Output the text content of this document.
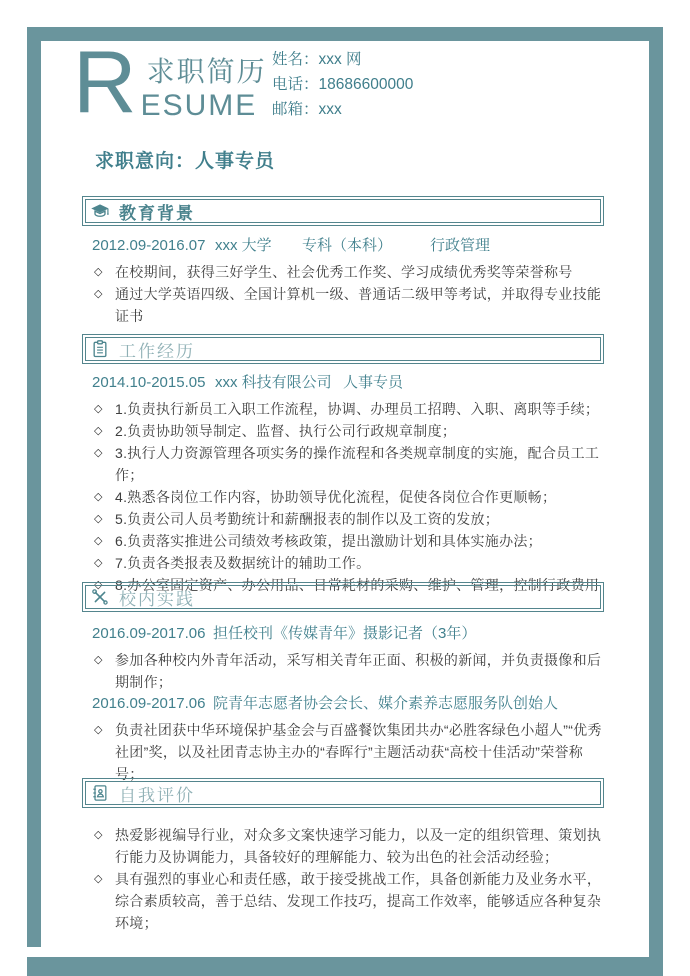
R 求职简历
ESUME
姓名：xxx 网
电话：18686600000
邮箱：xxx
求职意向：人事专员
教育背景
2012.09-2016.07 xxx 大学	专科（本科）	行政管理
◇ 在校期间，获得三好学生、社会优秀工作奖、学习成绩优秀奖等荣誉称号
◇ 通过大学英语四级、全国计算机一级、普通话二级甲等考试，并取得专业技能证书
工作经历
2014.10-2015.05 xxx 科技有限公司 人事专员
◇ 1.负责执行新员工入职工作流程，协调、办理员工招聘、入职、离职等手续；
◇ 2.负责协助领导制定、监督、执行公司行政规章制度；
◇ 3.执行人力资源管理各项实务的操作流程和各类规章制度的实施，配合员工工作；
◇ 4.熟悉各岗位工作内容，协助领导优化流程，促使各岗位合作更顺畅；
◇ 5.负责公司人员考勤统计和薪酬报表的制作以及工资的发放；
◇ 6.负责落实推进公司绩效考核政策，提出激励计划和具体实施办法；
◇ 7.负责各类报表及数据统计的辅助工作。
◇ 8.办公室固定资产、办公用品、日常耗材的采购、维护、管理，控制行政费用
校内实践
2016.09-2017.06 担任校刊《传媒青年》摄影记者（3年）
◇ 参加各种校内外青年活动，采写相关青年正面、积极的新闻，并负责摄像和后期制作；
2016.09-2017.06 院青年志愿者协会会长、媒介素养志愿服务队创始人
◇ 负责社团获中华环境保护基金会与百盛餐饮集团共办“必胜客绿色小超人”“优秀社团”奖，以及社团青志协主办的“春晖行”主题活动获“高校十佳活动”荣誉称号；
自我评价
◇ 热爱影视编导行业，对众多文案快速学习能力，以及一定的组织管理、策划执行能力及协调能力，具备较好的理解能力、较为出色的社会活动经验；
◇ 具有强烈的事业心和责任感，敢于接受挑战工作，具备创新能力及业务水平，综合素质较高，善于总结、发现工作技巧，提高工作效率，能够适应各种复杂环境；
